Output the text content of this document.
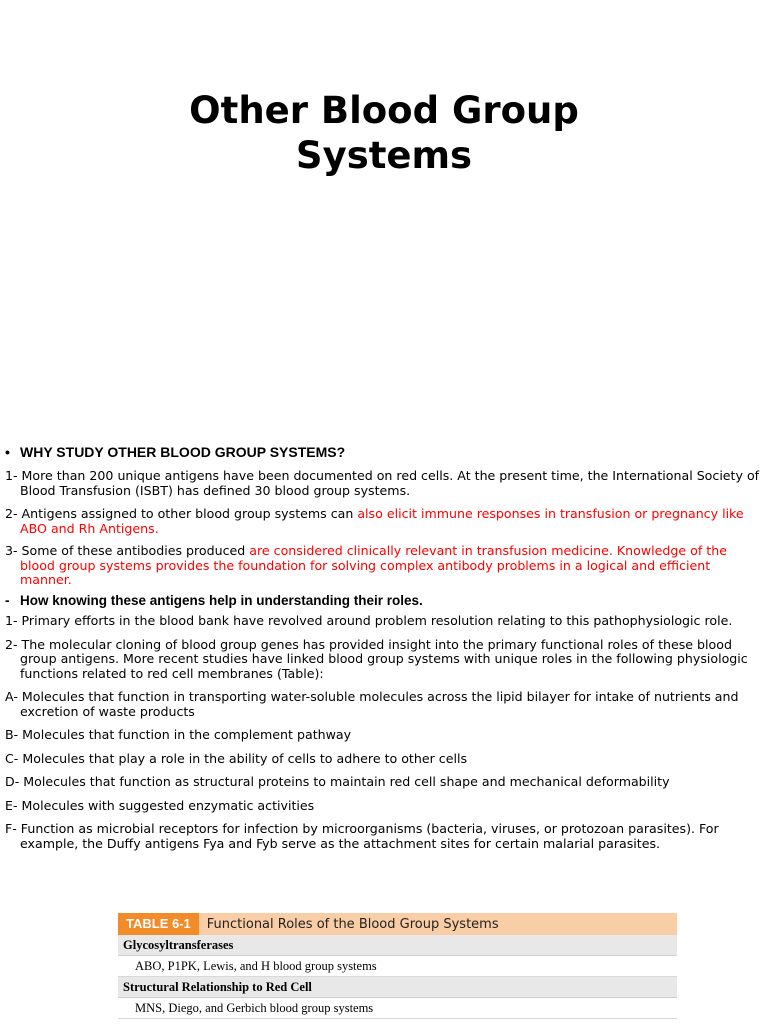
Other Blood Group
Systems
• WHY STUDY OTHER BLOOD GROUP SYSTEMS?
1- More than 200 unique antigens have been documented on red cells. At the present time, the International Society of Blood Transfusion (ISBT) has defined 30 blood group systems.
2- Antigens assigned to other blood group systems can also elicit immune responses in transfusion or pregnancy like ABO and Rh Antigens.
3- Some of these antibodies produced are considered clinically relevant in transfusion medicine. Knowledge of the blood group systems provides the foundation for solving complex antibody problems in a logical and efficient manner.
- How knowing these antigens help in understanding their roles.
1- Primary efforts in the blood bank have revolved around problem resolution relating to this pathophysiologic role.
2- The molecular cloning of blood group genes has provided insight into the primary functional roles of these blood group antigens. More recent studies have linked blood group systems with unique roles in the following physiologic functions related to red cell membranes (Table):
A- Molecules that function in transporting water-soluble molecules across the lipid bilayer for intake of nutrients and excretion of waste products
B- Molecules that function in the complement pathway
C- Molecules that play a role in the ability of cells to adhere to other cells
D- Molecules that function as structural proteins to maintain red cell shape and mechanical deformability
E- Molecules with suggested enzymatic activities
F- Function as microbial receptors for infection by microorganisms (bacteria, viruses, or protozoan parasites). For example, the Duffy antigens Fya and Fyb serve as the attachment sites for certain malarial parasites.
TABLE 6-1	Functional Roles of the Blood Group Systems
Glycosyltransferases
ABO, P1PK, Lewis, and H blood group systems
Structural Relationship to Red Cell
MNS, Diego, and Gerbich blood group systems
